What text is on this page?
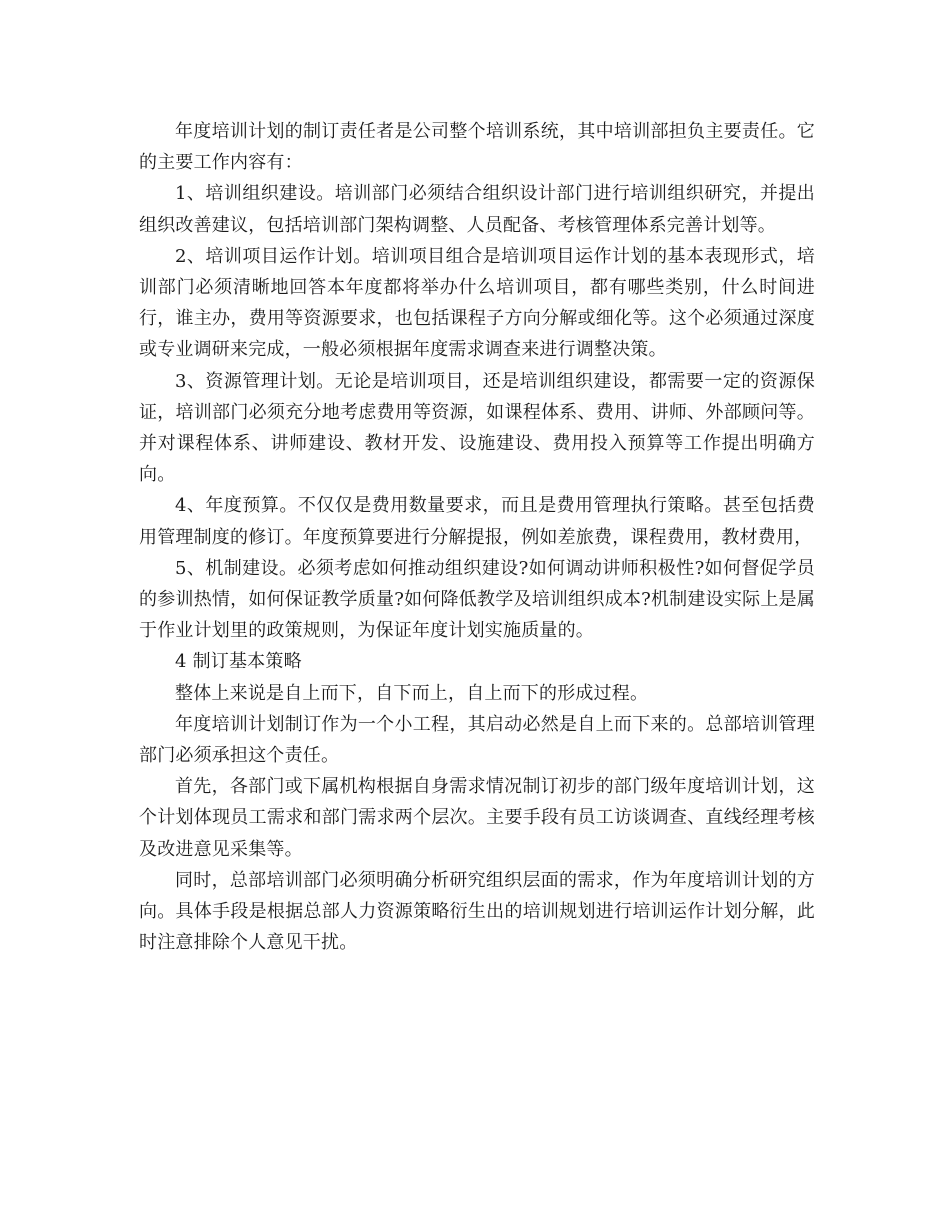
年度培训计划的制订责任者是公司整个培训系统，其中培训部担负主要责任。它的主要工作内容有：

1、培训组织建设。培训部门必须结合组织设计部门进行培训组织研究，并提出组织改善建议，包括培训部门架构调整、人员配备、考核管理体系完善计划等。

2、培训项目运作计划。培训项目组合是培训项目运作计划的基本表现形式，培训部门必须清晰地回答本年度都将举办什么培训项目，都有哪些类别，什么时间进行，谁主办，费用等资源要求，也包括课程子方向分解或细化等。这个必须通过深度或专业调研来完成，一般必须根据年度需求调查来进行调整决策。

3、资源管理计划。无论是培训项目，还是培训组织建设，都需要一定的资源保证，培训部门必须充分地考虑费用等资源，如课程体系、费用、讲师、外部顾问等。并对课程体系、讲师建设、教材开发、设施建设、费用投入预算等工作提出明确方向。

4、年度预算。不仅仅是费用数量要求，而且是费用管理执行策略。甚至包括费用管理制度的修订。年度预算要进行分解提报，例如差旅费，课程费用，教材费用，

5、机制建设。必须考虑如何推动组织建设?如何调动讲师积极性?如何督促学员的参训热情，如何保证教学质量?如何降低教学及培训组织成本?机制建设实际上是属于作业计划里的政策规则，为保证年度计划实施质量的。

4 制订基本策略

整体上来说是自上而下，自下而上，自上而下的形成过程。

年度培训计划制订作为一个小工程，其启动必然是自上而下来的。总部培训管理部门必须承担这个责任。

首先，各部门或下属机构根据自身需求情况制订初步的部门级年度培训计划，这个计划体现员工需求和部门需求两个层次。主要手段有员工访谈调查、直线经理考核及改进意见采集等。

同时，总部培训部门必须明确分析研究组织层面的需求，作为年度培训计划的方向。具体手段是根据总部人力资源策略衍生出的培训规划进行培训运作计划分解，此时注意排除个人意见干扰。
